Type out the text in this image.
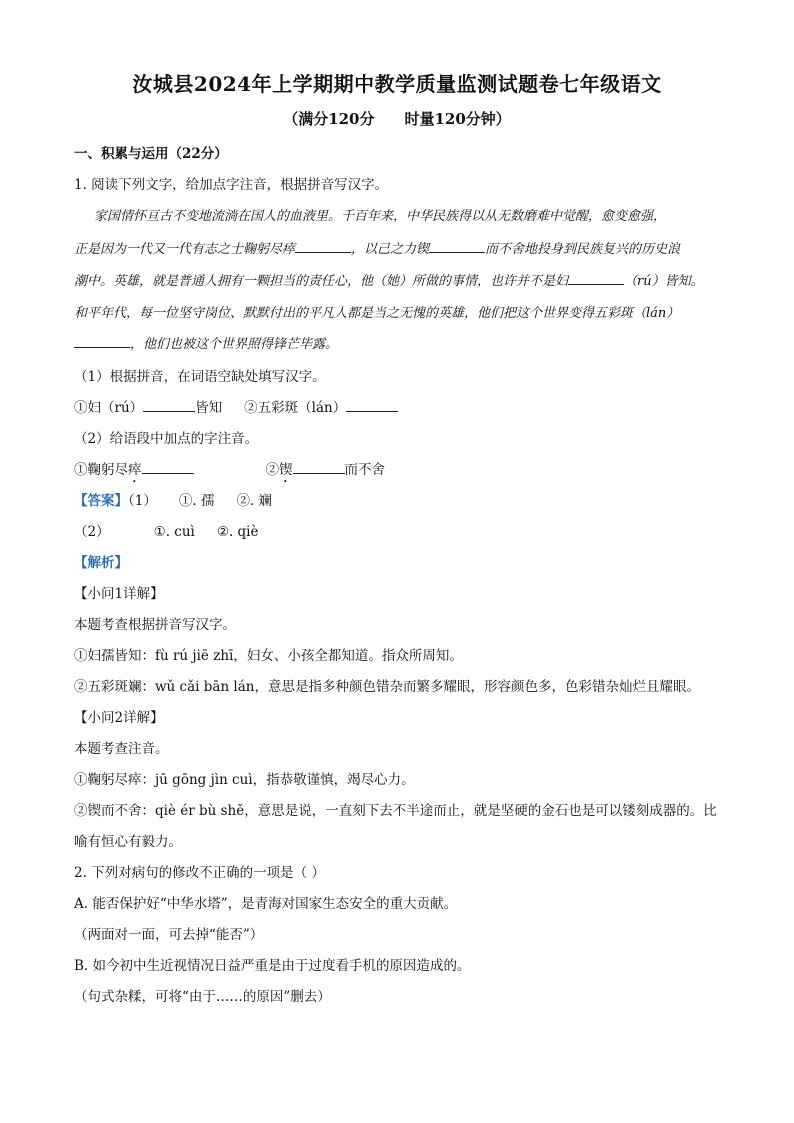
汝城县2024年上学期期中教学质量监测试题卷七年级语文
（满分120分 时量120分钟）
一、积累与运用（22分）
1. 阅读下列文字，给加点字注音，根据拼音写汉字。
家国情怀亘古不变地流淌在国人的血液里。千百年来，中华民族得以从无数磨难中觉醒，愈变愈强，
正是因为一代又一代有志之士鞠躬尽瘁	，以己之力锲	而不舍地投身到民族复兴的历史浪
潮中。英雄，就是普通人拥有一颗担当的责任心，他（她）所做的事情，也许并不是妇	（rú）皆知。
和平年代，每一位坚守岗位、默默付出的平凡人都是当之无愧的英雄，他们把这个世界变得五彩斑（lán）
，他们也被这个世界照得锋芒毕露。
（1）根据拼音，在词语空缺处填写汉字。
①妇（rú）	皆知 ②五彩斑（lán）
（2）给语段中加点的字注音。
①鞠躬尽瘁	②锲	而不舍
【答案】（1） ①. 孺 ②. 斓
（2）	①. cuì ②. qiè
【解析】
【小问1详解】
本题考查根据拼音写汉字。
①妇孺皆知：fù rú jiē zhī，妇女、小孩全都知道。指众所周知。
②五彩斑斓：wǔ cǎi bān lán，意思是指多种颜色错杂而繁多耀眼，形容颜色多，色彩错杂灿烂且耀眼。
【小问2详解】
本题考查注音。
①鞠躬尽瘁：jū gōng jìn cuì，指恭敬谨慎，竭尽心力。
②锲而不舍：qiè ér bù shě，意思是说，一直刻下去不半途而止，就是坚硬的金石也是可以镂刻成器的。比
喻有恒心有毅力。
2. 下列对病句的修改不正确的一项是（ ）
A. 能否保护好“中华水塔”，是青海对国家生态安全的重大贡献。
（两面对一面，可去掉“能否”）
B. 如今初中生近视情况日益严重是由于过度看手机的原因造成的。
（句式杂糅，可将“由于……的原因”删去）
